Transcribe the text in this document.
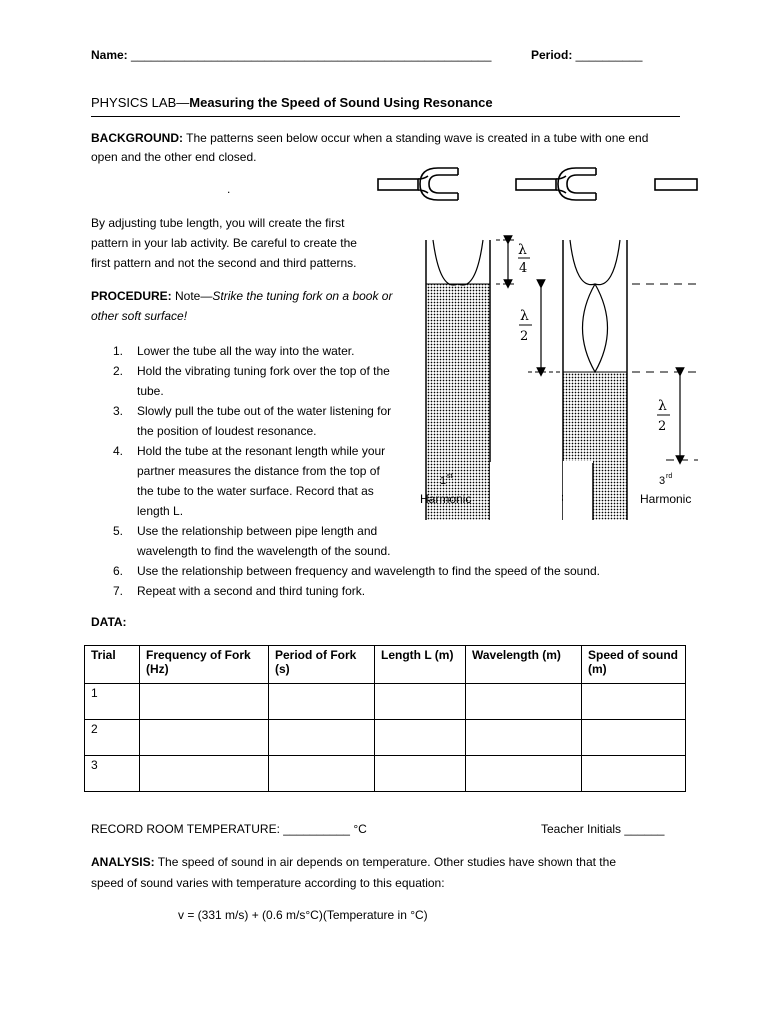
Name: ______________________________________________________	Period: __________
PHYSICS LAB—Measuring the Speed of Sound Using Resonance
BACKGROUND: The patterns seen below occur when a standing wave is created in a tube with one end
open and the other end closed.
.
By adjusting tube length, you will create the first
pattern in your lab activity. Be careful to create the
first pattern and not the second and third patterns.
PROCEDURE: Note—Strike the tuning fork on a book or
other soft surface!
1. Lower the tube all the way into the water.
2. Hold the vibrating tuning fork over the top of the tube.
3. Slowly pull the tube out of the water listening for the position of loudest resonance.
4. Hold the tube at the resonant length while your partner measures the distance from the top of the tube to the water surface. Record that as length L.
5. Use the relationship between pipe length and wavelength to find the wavelength of the sound.
6. Use the relationship between frequency and wavelength to find the speed of the sound.
7. Repeat with a second and third tuning fork.
1 st
Harmonic
λ
4
λ
2
λ
2
3 rd
Harmonic
DATA:
Trial	Frequency of Fork (Hz)	Period of Fork (s)	Length L (m)	Wavelength (m)	Speed of sound (m)
1					
2					
3					
RECORD ROOM TEMPERATURE: __________ °C	Teacher Initials ______
ANALYSIS: The speed of sound in air depends on temperature. Other studies have shown that the
speed of sound varies with temperature according to this equation:
v = (331 m/s) + (0.6 m/s°C)(Temperature in °C)
